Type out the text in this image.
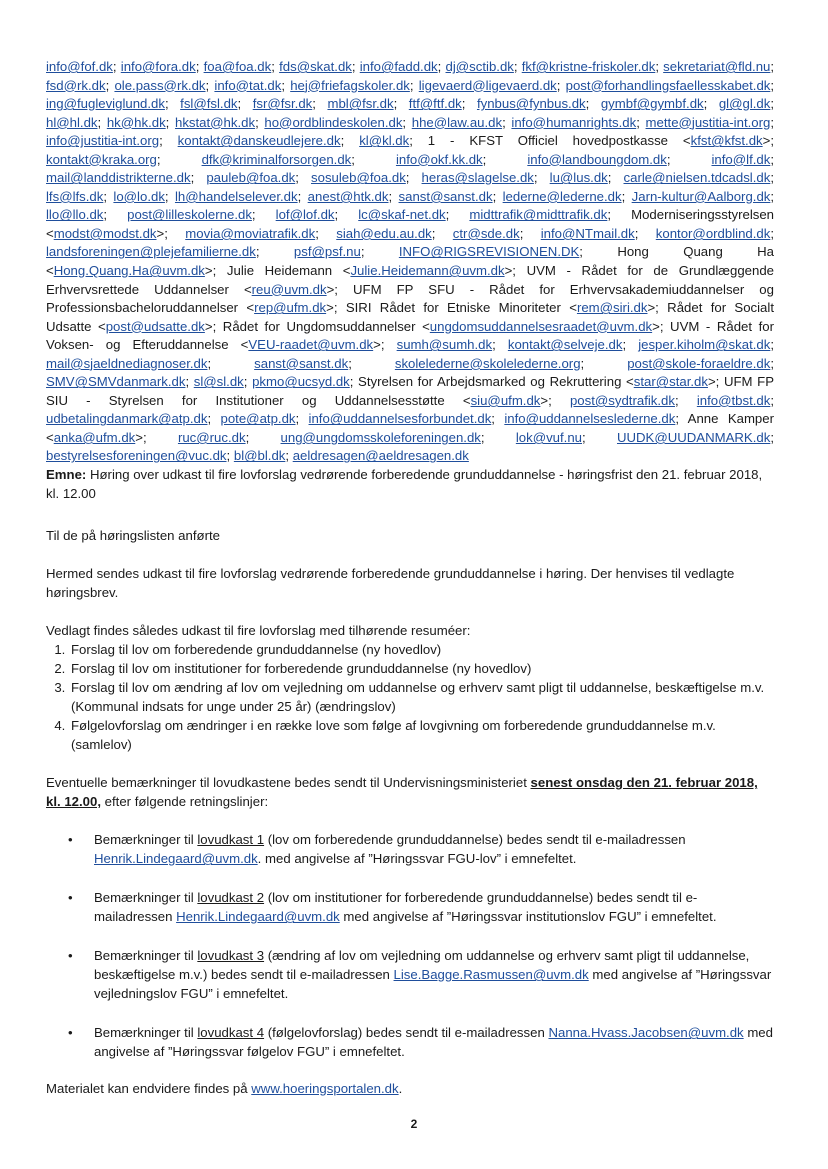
info@fof.dk; info@fora.dk; foa@foa.dk; fds@skat.dk; info@fadd.dk; dj@sctib.dk; fkf@kristne-friskoler.dk; sekretariat@fld.nu; fsd@rk.dk; ole.pass@rk.dk; info@tat.dk; hej@friefagskoler.dk; ligevaerd@ligevaerd.dk; post@forhandlingsfaellesskabet.dk; ing@fugleviglund.dk; fsl@fsl.dk; fsr@fsr.dk; mbl@fsr.dk; ftf@ftf.dk; fynbus@fynbus.dk; gymbf@gymbf.dk; gl@gl.dk; hl@hl.dk; hk@hk.dk; hkstat@hk.dk; ho@ordblindeskolen.dk; hhe@law.au.dk; info@humanrights.dk; mette@justitia-int.org; info@justitia-int.org; kontakt@danskeudlejere.dk; kl@kl.dk; 1 - KFST Officiel hovedpostkasse <kfst@kfst.dk>; kontakt@kraka.org; dfk@kriminalforsorgen.dk; info@okf.kk.dk; info@landboungdom.dk; info@lf.dk; mail@landdistrikterne.dk; pauleb@foa.dk; sosuleb@foa.dk; heras@slagelse.dk; lu@lus.dk; carle@nielsen.tdcadsl.dk; lfs@lfs.dk; lo@lo.dk; lh@handelselever.dk; anest@htk.dk; sanst@sanst.dk; lederne@lederne.dk; Jarn-kultur@Aalborg.dk; llo@llo.dk; post@lilleskolerne.dk; lof@lof.dk; lc@skaf-net.dk; midttrafik@midttrafik.dk; Moderniseringsstyrelsen <modst@modst.dk>; movia@moviatrafik.dk; siah@edu.au.dk; ctr@sde.dk; info@NTmail.dk; kontor@ordblind.dk; landsforeningen@plejefamilierne.dk; psf@psf.nu; INFO@RIGSREVISIONEN.DK; Hong Quang Ha <Hong.Quang.Ha@uvm.dk>; Julie Heidemann <Julie.Heidemann@uvm.dk>; UVM - Rådet for de Grundlæggende Erhvervsrettede Uddannelser <reu@uvm.dk>; UFM FP SFU - Rådet for Erhvervsakademiuddannelser og Professionsbacheloruddannelser <rep@ufm.dk>; SIRI Rådet for Etniske Minoriteter <rem@siri.dk>; Rådet for Socialt Udsatte <post@udsatte.dk>; Rådet for Ungdomsuddannelser <ungdomsuddannelsesraadet@uvm.dk>; UVM - Rådet for Voksen- og Efteruddannelse <VEU-raadet@uvm.dk>; sumh@sumh.dk; kontakt@selveje.dk; jesper.kiholm@skat.dk; mail@sjaeldnediagnoser.dk; sanst@sanst.dk; skolelederne@skolelederne.org; post@skole-foraeldre.dk; SMV@SMVdanmark.dk; sl@sl.dk; pkmo@ucsyd.dk; Styrelsen for Arbejdsmarked og Rekruttering <star@star.dk>; UFM FP SIU - Styrelsen for Institutioner og Uddannelsesstøtte <siu@ufm.dk>; post@sydtrafik.dk; info@tbst.dk; udbetalingdanmark@atp.dk; pote@atp.dk; info@uddannelsesforbundet.dk; info@uddannelseslederne.dk; Anne Kamper <anka@ufm.dk>; ruc@ruc.dk; ung@ungdomsskoleforeningen.dk; lok@vuf.nu; UUDK@UUDANMARK.dk; bestyrelsesforeningen@vuc.dk; bl@bl.dk; aeldresagen@aeldresagen.dk
Emne: Høring over udkast til fire lovforslag vedrørende forberedende grunduddannelse - høringsfrist den 21. februar 2018, kl. 12.00

Til de på høringslisten anførte

Hermed sendes udkast til fire lovforslag vedrørende forberedende grunduddannelse i høring. Der henvises til vedlagte høringsbrev.

Vedlagt findes således udkast til fire lovforslag med tilhørende resuméer:

1. Forslag til lov om forberedende grunduddannelse (ny hovedlov)
2. Forslag til lov om institutioner for forberedende grunduddannelse (ny hovedlov)
3. Forslag til lov om ændring af lov om vejledning om uddannelse og erhverv samt pligt til uddannelse, beskæftigelse m.v. (Kommunal indsats for unge under 25 år) (ændringslov)
4. Følgelovforslag om ændringer i en række love som følge af lovgivning om forberedende grunduddannelse m.v. (samlelov)

Eventuelle bemærkninger til lovudkastene bedes sendt til Undervisningsministeriet senest onsdag den 21. februar 2018, kl. 12.00, efter følgende retningslinjer:

• Bemærkninger til lovudkast 1 (lov om forberedende grunduddannelse) bedes sendt til e-mailadressen Henrik.Lindegaard@uvm.dk. med angivelse af ”Høringssvar FGU-lov” i emnefeltet.
• Bemærkninger til lovudkast 2 (lov om institutioner for forberedende grunduddannelse) bedes sendt til e-mailadressen Henrik.Lindegaard@uvm.dk med angivelse af ”Høringssvar institutionslov FGU” i emnefeltet.
• Bemærkninger til lovudkast 3 (ændring af lov om vejledning om uddannelse og erhverv samt pligt til uddannelse, beskæftigelse m.v.) bedes sendt til e-mailadressen Lise.Bagge.Rasmussen@uvm.dk med angivelse af ”Høringssvar vejledningslov FGU” i emnefeltet.
• Bemærkninger til lovudkast 4 (følgelovforslag) bedes sendt til e-mailadressen Nanna.Hvass.Jacobsen@uvm.dk med angivelse af ”Høringssvar følgelov FGU” i emnefeltet.

Materialet kan endvidere findes på www.hoeringsportalen.dk.

2
